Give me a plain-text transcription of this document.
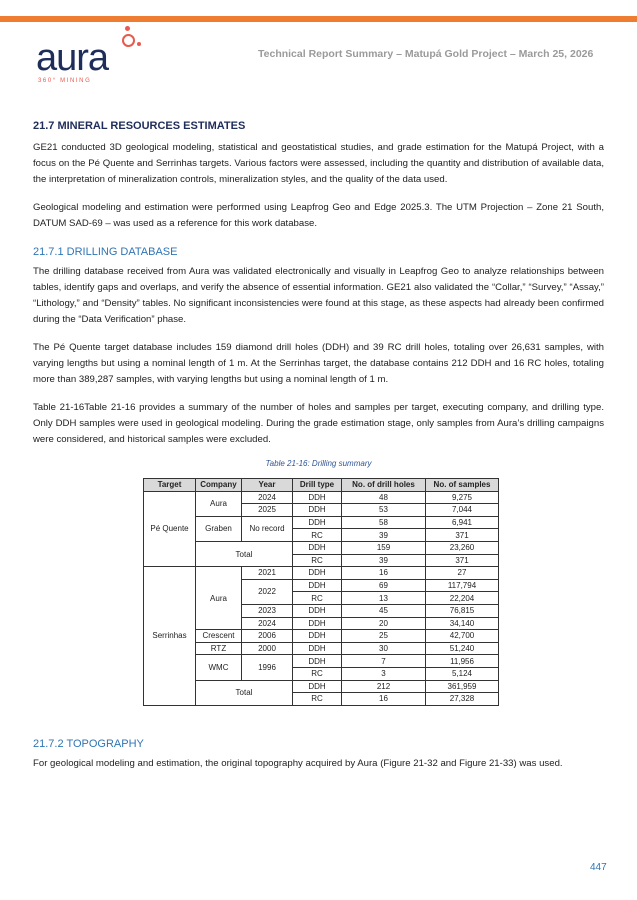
aura
360° MINING
Technical Report Summary – Matupá Gold Project – March 25, 2026
21.7 MINERAL RESOURCES ESTIMATES

GE21 conducted 3D geological modeling, statistical and geostatistical studies, and grade estimation for the Matupá Project, with a focus on the Pé Quente and Serrinhas targets. Various factors were assessed, including the quantity and distribution of available data, the interpretation of mineralization controls, mineralization styles, and the quality of the data used.

Geological modeling and estimation were performed using Leapfrog Geo and Edge 2025.3. The UTM Projection – Zone 21 South, DATUM SAD-69 – was used as a reference for this work database.

21.7.1 DRILLING DATABASE

The drilling database received from Aura was validated electronically and visually in Leapfrog Geo to analyze relationships between tables, identify gaps and overlaps, and verify the absence of essential information. GE21 also validated the “Collar,” “Survey,” “Assay,” “Lithology,” and “Density” tables. No significant inconsistencies were found at this stage, as these aspects had already been confirmed during the “Data Verification” phase.

The Pé Quente target database includes 159 diamond drill holes (DDH) and 39 RC drill holes, totaling over 26,631 samples, with varying lengths but using a nominal length of 1 m. At the Serrinhas target, the database contains 212 DDH and 16 RC holes, totaling more than 389,287 samples, with varying lengths but using a nominal length of 1 m.

Table 21-16Table 21-16 provides a summary of the number of holes and samples per target, executing company, and drilling type. Only DDH samples were used in geological modeling. During the grade estimation stage, only samples from Aura’s drilling campaigns were considered, and historical samples were excluded.

Table 21-16: Drilling summary
Target	Company	Year	Drill type	No. of drill holes	No. of samples
Pé Quente	Aura	2024	DDH	48	9,275
		2025	DDH	53	7,044
	Graben	No record	DDH	58	6,941
			RC	39	371
	Total		DDH	159	23,260
			RC	39	371
Serrinhas	Aura	2021	DDH	16	27
		2022	DDH	69	117,794
			RC	13	22,204
		2023	DDH	45	76,815
		2024	DDH	20	34,140
	Crescent	2006	DDH	25	42,700
	RTZ	2000	DDH	30	51,240
	WMC	1996	DDH	7	11,956
			RC	3	5,124
	Total		DDH	212	361,959
			RC	16	27,328
21.7.2 TOPOGRAPHY

For geological modeling and estimation, the original topography acquired by Aura (Figure 21-32 and Figure 21-33) was used.

447
